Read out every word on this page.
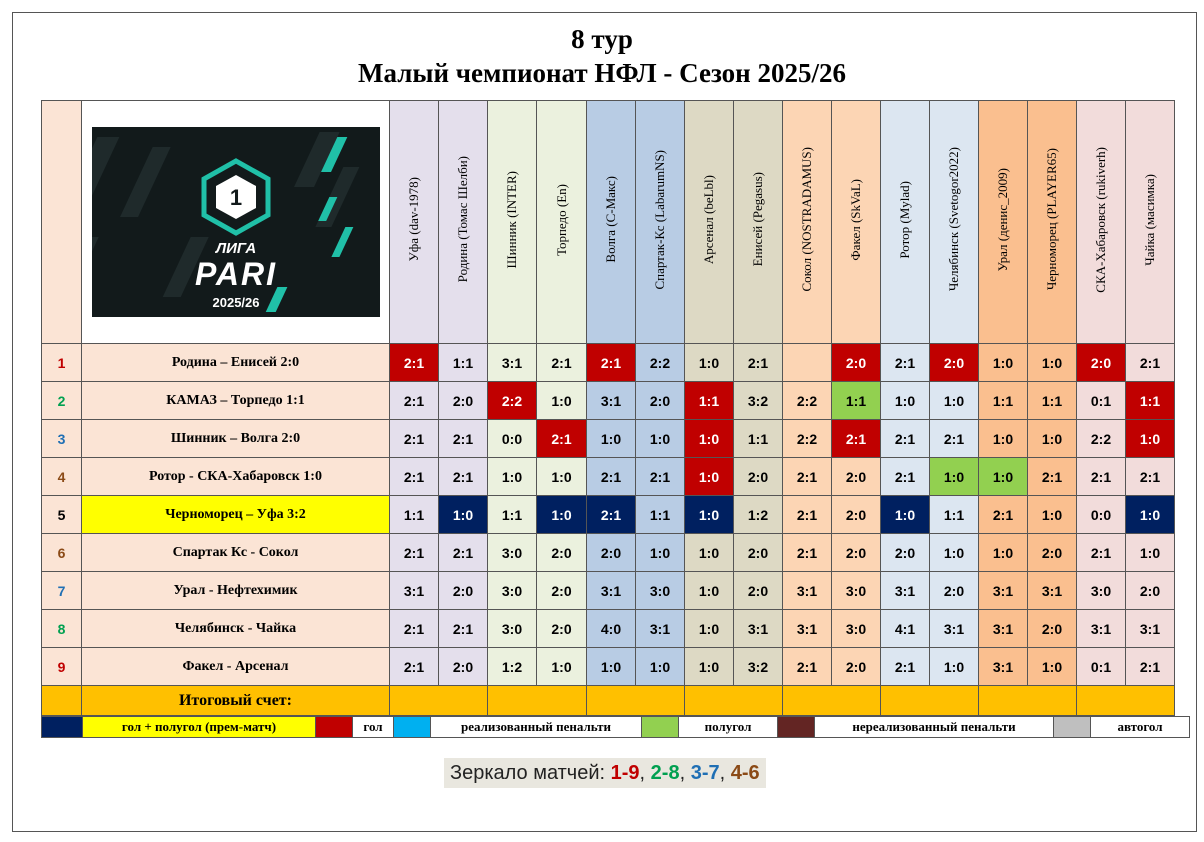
8 тур
Малый чемпионат НФЛ - Сезон 2025/26

1
ЛИГА
PARI
2025/26	Уфа (dav-1978)	Родина (Томас Шелби)	Шинник (INTER)	Торпедо (En)	Волга (С-Макс)	Спартак-Кс (LabarumNS)	Арсенал (beLbl)	Енисей (Pegasus)	Сокол (NOSTRADAMUS)	Факел (SkVaL)	Ротор (Mylad)	Челябинск (Svetogor2022)	Урал (денис_2009)	Черноморец (PLAYER65)	СКА-Хабаровск (rukiverh)	Чайка (масимка)
1	Родина – Енисей 2:0	2:1	1:1	3:1	2:1	2:1	2:2	1:0	2:1		2:0	2:1	2:0	1:0	1:0	2:0	2:1
2	КАМАЗ – Торпедо 1:1	2:1	2:0	2:2	1:0	3:1	2:0	1:1	3:2	2:2	1:1	1:0	1:0	1:1	1:1	0:1	1:1
3	Шинник – Волга 2:0	2:1	2:1	0:0	2:1	1:0	1:0	1:0	1:1	2:2	2:1	2:1	2:1	1:0	1:0	2:2	1:0
4	Ротор - СКА-Хабаровск 1:0	2:1	2:1	1:0	1:0	2:1	2:1	1:0	2:0	2:1	2:0	2:1	1:0	1:0	2:1	2:1	2:1
5	Черноморец – Уфа 3:2	1:1	1:0	1:1	1:0	2:1	1:1	1:0	1:2	2:1	2:0	1:0	1:1	2:1	1:0	0:0	1:0
6	Спартак Кс - Сокол	2:1	2:1	3:0	2:0	2:0	1:0	1:0	2:0	2:1	2:0	2:0	1:0	1:0	2:0	2:1	1:0
7	Урал - Нефтехимик	3:1	2:0	3:0	2:0	3:1	3:0	1:0	2:0	3:1	3:0	3:1	2:0	3:1	3:1	3:0	2:0
8	Челябинск - Чайка	2:1	2:1	3:0	2:0	4:0	3:1	1:0	3:1	3:1	3:0	4:1	3:1	3:1	2:0	3:1	3:1
9	Факел - Арсенал	2:1	2:0	1:2	1:0	1:0	1:0	1:0	3:2	2:1	2:0	2:1	1:0	3:1	1:0	0:1	2:1
	Итоговый счет:																
	гол + полугол (прем-матч)		гол		реализованный пенальти		полугол		нереализованный пенальти		автогол
Зеркало матчей: 1-9, 2-8, 3-7, 4-6
